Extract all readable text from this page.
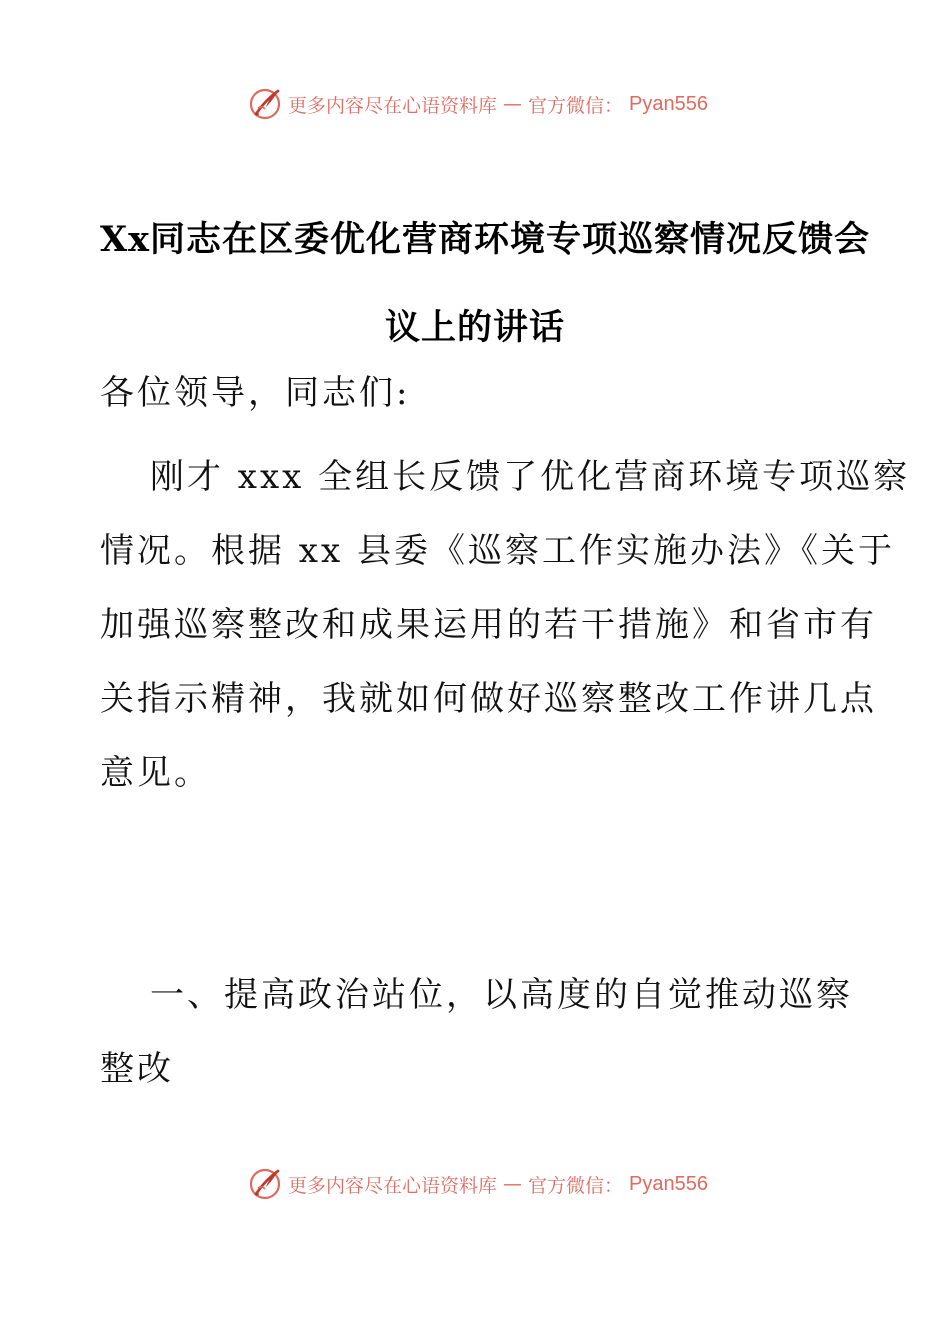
更多内容尽在心语资料库 — 官方微信： Pyan556
Xx同志在区委优化营商环境专项巡察情况反馈会
议上的讲话
各位领导，同志们:
刚才 xxx 全组长反馈了优化营商环境专项巡察
情况。根据 xx 县委《巡察工作实施办法》《关于
加强巡察整改和成果运用的若干措施》和省市有
关指示精神，我就如何做好巡察整改工作讲几点
意见。
一、提高政治站位，以高度的自觉推动巡察
整改
更多内容尽在心语资料库 — 官方微信： Pyan556
